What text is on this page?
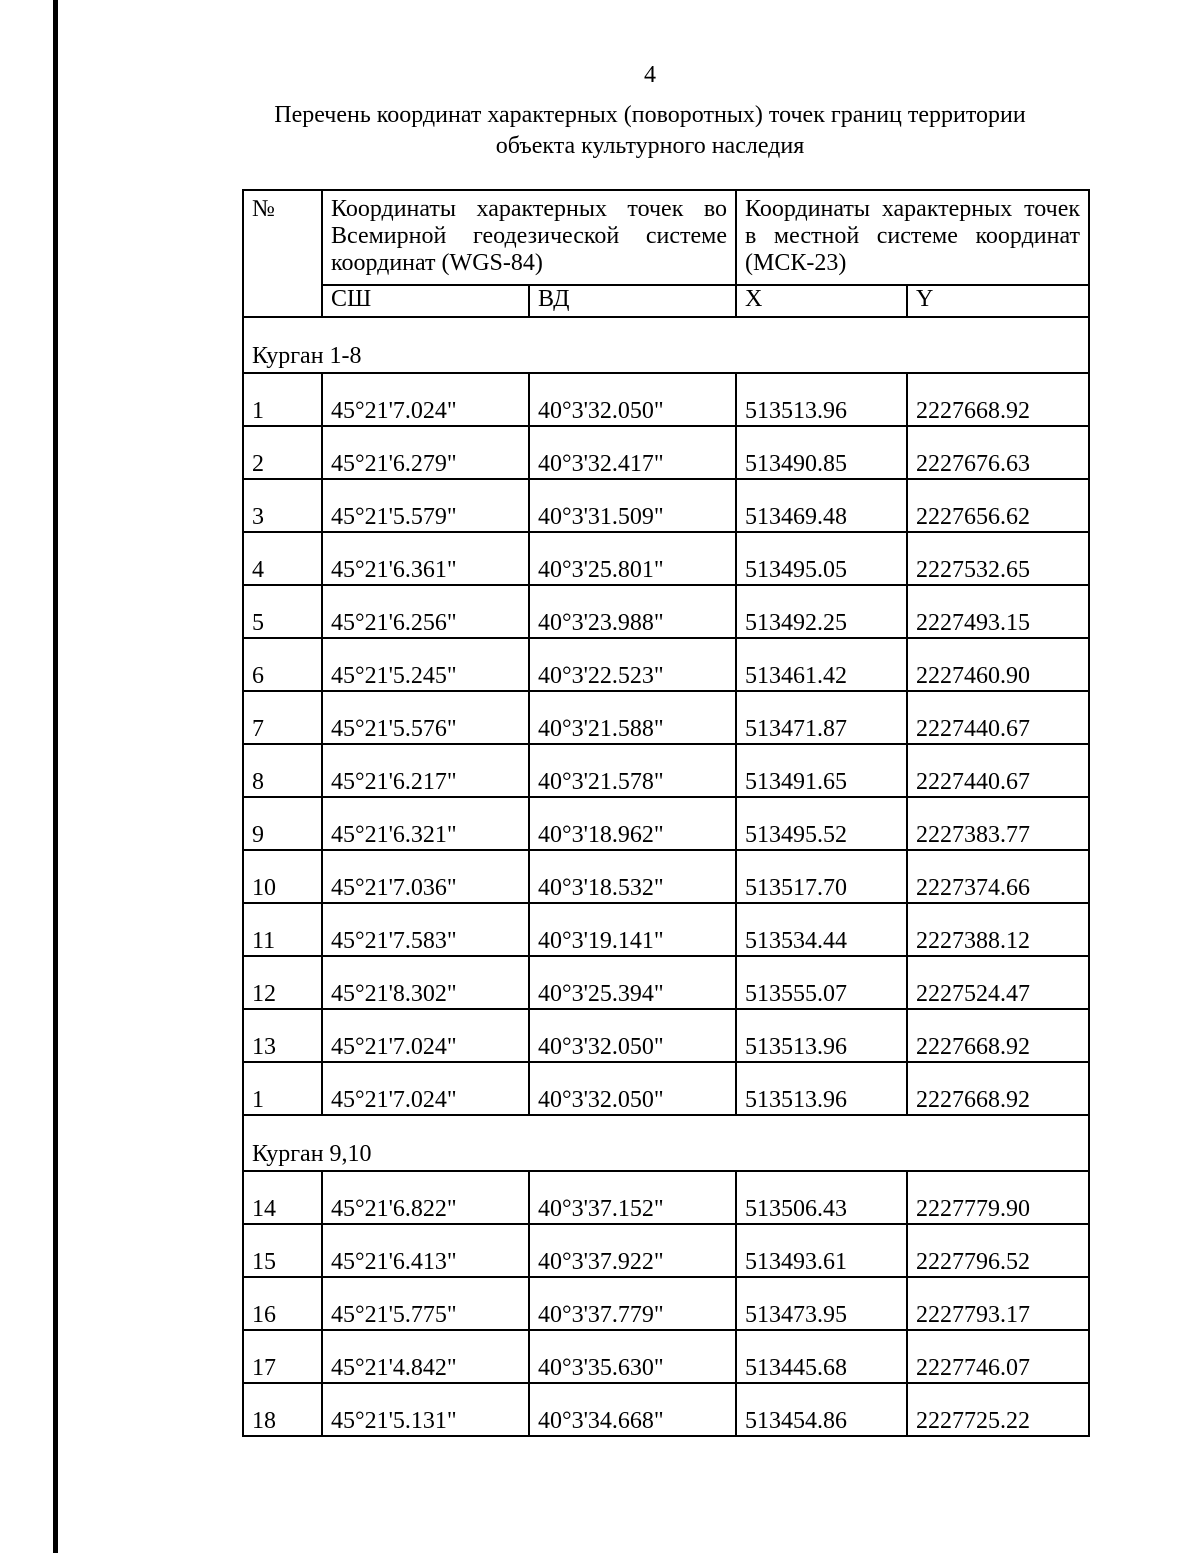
4
Перечень координат характерных (поворотных) точек границ территории
объекта культурного наследия
№	Координаты характерных точек во Всемирной геодезической системе координат (WGS-84)		Координаты характерных точек в местной системе координат (МСК-23)	
	СШ	ВД	X	Y
Курган 1-8				
1	45°21'7.024"	40°3'32.050"	513513.96	2227668.92
2	45°21'6.279"	40°3'32.417"	513490.85	2227676.63
3	45°21'5.579"	40°3'31.509"	513469.48	2227656.62
4	45°21'6.361"	40°3'25.801"	513495.05	2227532.65
5	45°21'6.256"	40°3'23.988"	513492.25	2227493.15
6	45°21'5.245"	40°3'22.523"	513461.42	2227460.90
7	45°21'5.576"	40°3'21.588"	513471.87	2227440.67
8	45°21'6.217"	40°3'21.578"	513491.65	2227440.67
9	45°21'6.321"	40°3'18.962"	513495.52	2227383.77
10	45°21'7.036"	40°3'18.532"	513517.70	2227374.66
11	45°21'7.583"	40°3'19.141"	513534.44	2227388.12
12	45°21'8.302"	40°3'25.394"	513555.07	2227524.47
13	45°21'7.024"	40°3'32.050"	513513.96	2227668.92
1	45°21'7.024"	40°3'32.050"	513513.96	2227668.92
Курган 9,10				
14	45°21'6.822"	40°3'37.152"	513506.43	2227779.90
15	45°21'6.413"	40°3'37.922"	513493.61	2227796.52
16	45°21'5.775"	40°3'37.779"	513473.95	2227793.17
17	45°21'4.842"	40°3'35.630"	513445.68	2227746.07
18	45°21'5.131"	40°3'34.668"	513454.86	2227725.22
